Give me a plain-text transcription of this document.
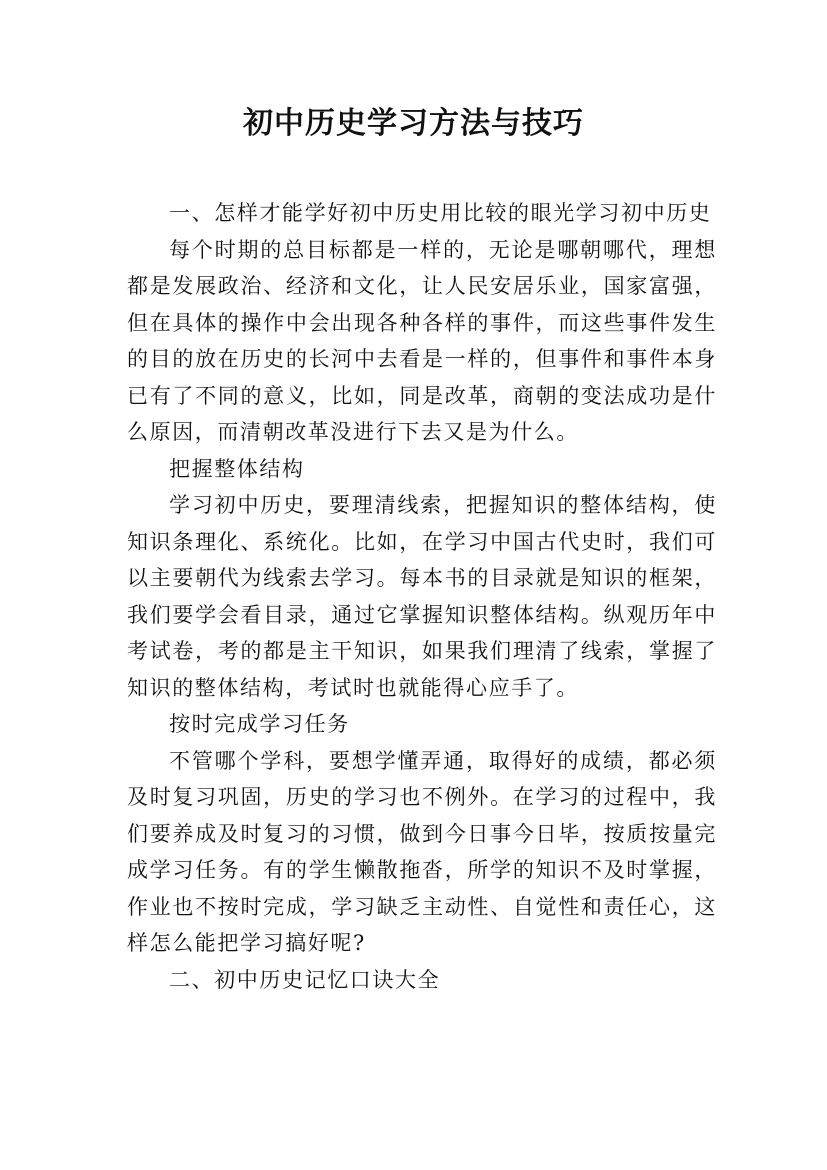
初中历史学习方法与技巧

一、怎样才能学好初中历史用比较的眼光学习初中历史

每个时期的总目标都是一样的，无论是哪朝哪代，理想都是发展政治、经济和文化，让人民安居乐业，国家富强，但在具体的操作中会出现各种各样的事件，而这些事件发生的目的放在历史的长河中去看是一样的，但事件和事件本身已有了不同的意义，比如，同是改革，商朝的变法成功是什么原因，而清朝改革没进行下去又是为什么。

把握整体结构

学习初中历史，要理清线索，把握知识的整体结构，使知识条理化、系统化。比如，在学习中国古代史时，我们可以主要朝代为线索去学习。每本书的目录就是知识的框架，我们要学会看目录，通过它掌握知识整体结构。纵观历年中考试卷，考的都是主干知识，如果我们理清了线索，掌握了知识的整体结构，考试时也就能得心应手了。

按时完成学习任务

不管哪个学科，要想学懂弄通，取得好的成绩，都必须及时复习巩固，历史的学习也不例外。在学习的过程中，我们要养成及时复习的习惯，做到今日事今日毕，按质按量完成学习任务。有的学生懒散拖沓，所学的知识不及时掌握，作业也不按时完成，学习缺乏主动性、自觉性和责任心，这样怎么能把学习搞好呢?

二、初中历史记忆口诀大全
